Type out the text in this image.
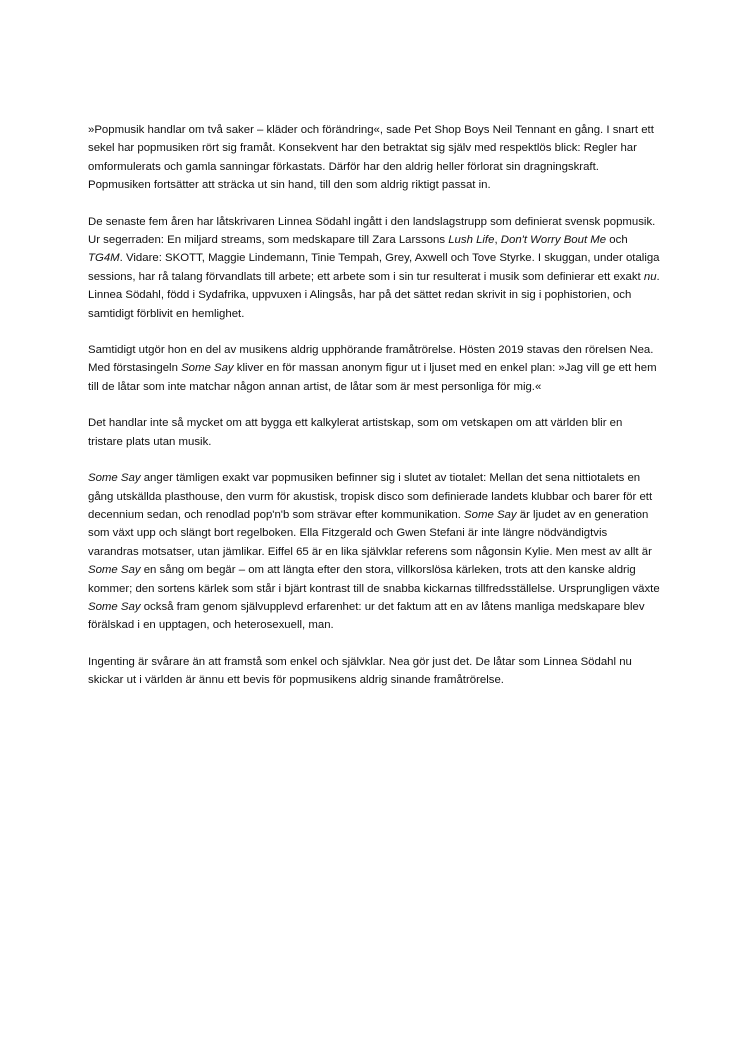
»Popmusik handlar om två saker – kläder och förändring«, sade Pet Shop Boys Neil Tennant en gång. I snart ett sekel har popmusiken rört sig framåt. Konsekvent har den betraktat sig själv med respektlös blick: Regler har omformulerats och gamla sanningar förkastats. Därför har den aldrig heller förlorat sin dragningskraft. Popmusiken fortsätter att sträcka ut sin hand, till den som aldrig riktigt passat in.

De senaste fem åren har låtskrivaren Linnea Södahl ingått i den landslagstrupp som definierat svensk popmusik. Ur segerraden: En miljard streams, som medskapare till Zara Larssons Lush Life, Don't Worry Bout Me och TG4M. Vidare: SKOTT, Maggie Lindemann, Tinie Tempah, Grey, Axwell och Tove Styrke. I skuggan, under otaliga sessions, har rå talang förvandlats till arbete; ett arbete som i sin tur resulterat i musik som definierar ett exakt nu. Linnea Södahl, född i Sydafrika, uppvuxen i Alingsås, har på det sättet redan skrivit in sig i pophistorien, och samtidigt förblivit en hemlighet.

Samtidigt utgör hon en del av musikens aldrig upphörande framåtrörelse. Hösten 2019 stavas den rörelsen Nea. Med förstasingeln Some Say kliver en för massan anonym figur ut i ljuset med en enkel plan: »Jag vill ge ett hem till de låtar som inte matchar någon annan artist, de låtar som är mest personliga för mig.«

Det handlar inte så mycket om att bygga ett kalkylerat artistskap, som om vetskapen om att världen blir en tristare plats utan musik.

Some Say anger tämligen exakt var popmusiken befinner sig i slutet av tiotalet: Mellan det sena nittiotalets en gång utskällda plasthouse, den vurm för akustisk, tropisk disco som definierade landets klubbar och barer för ett decennium sedan, och renodlad pop'n'b som strävar efter kommunikation. Some Say är ljudet av en generation som växt upp och slängt bort regelboken. Ella Fitzgerald och Gwen Stefani är inte längre nödvändigtvis varandras motsatser, utan jämlikar. Eiffel 65 är en lika självklar referens som någonsin Kylie. Men mest av allt är Some Say en sång om begär – om att längta efter den stora, villkorslösa kärleken, trots att den kanske aldrig kommer; den sortens kärlek som står i bjärt kontrast till de snabba kickarnas tillfredsställelse. Ursprungligen växte Some Say också fram genom självupplevd erfarenhet: ur det faktum att en av låtens manliga medskapare blev förälskad i en upptagen, och heterosexuell, man.

Ingenting är svårare än att framstå som enkel och självklar. Nea gör just det. De låtar som Linnea Södahl nu skickar ut i världen är ännu ett bevis för popmusikens aldrig sinande framåtrörelse.
